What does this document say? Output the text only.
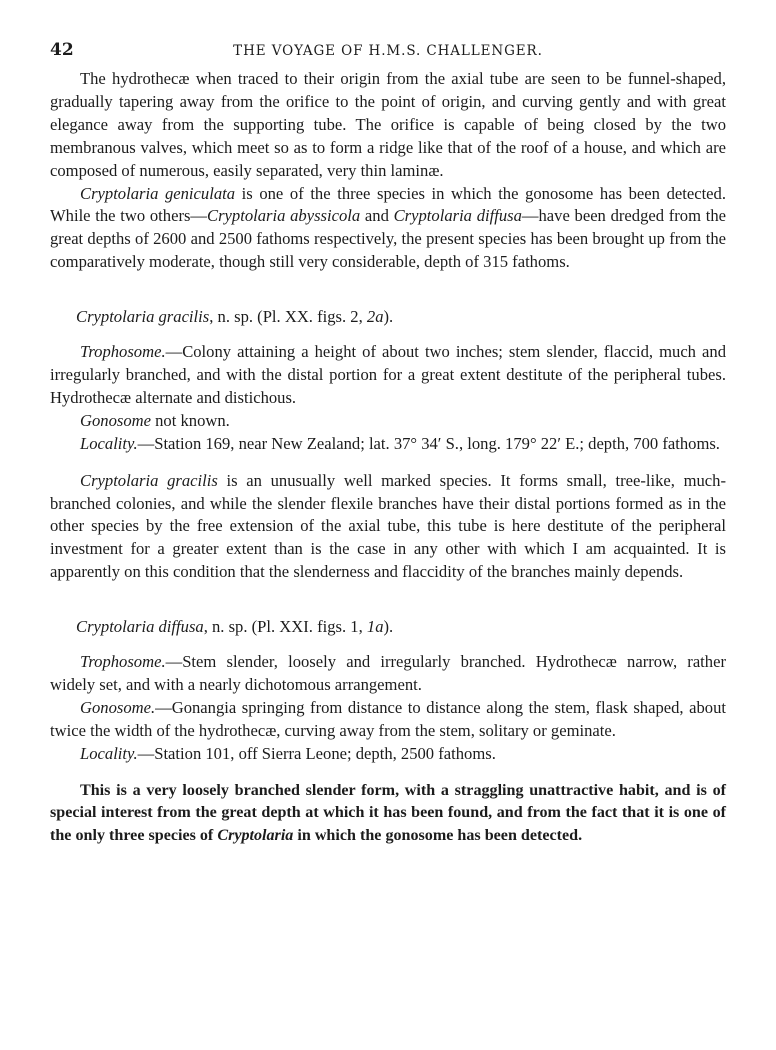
42	THE VOYAGE OF H.M.S. CHALLENGER.

The hydrothecæ when traced to their origin from the axial tube are seen to be funnel-shaped, gradually tapering away from the orifice to the point of origin, and curving gently and with great elegance away from the supporting tube. The orifice is capable of being closed by the two membranous valves, which meet so as to form a ridge like that of the roof of a house, and which are composed of numerous, easily separated, very thin laminæ.

Cryptolaria geniculata is one of the three species in which the gonosome has been detected. While the two others—Cryptolaria abyssicola and Cryptolaria diffusa—have been dredged from the great depths of 2600 and 2500 fathoms respectively, the present species has been brought up from the comparatively moderate, though still very considerable, depth of 315 fathoms.

Cryptolaria gracilis, n. sp. (Pl. XX. figs. 2, 2a).

Trophosome.—Colony attaining a height of about two inches; stem slender, flaccid, much and irregularly branched, and with the distal portion for a great extent destitute of the peripheral tubes. Hydrothecæ alternate and distichous.

Gonosome not known.

Locality.—Station 169, near New Zealand; lat. 37° 34′ S., long. 179° 22′ E.; depth, 700 fathoms.

Cryptolaria gracilis is an unusually well marked species. It forms small, tree-like, much-branched colonies, and while the slender flexile branches have their distal portions formed as in the other species by the free extension of the axial tube, this tube is here destitute of the peripheral investment for a greater extent than is the case in any other with which I am acquainted. It is apparently on this condition that the slenderness and flaccidity of the branches mainly depends.

Cryptolaria diffusa, n. sp. (Pl. XXI. figs. 1, 1a).

Trophosome.—Stem slender, loosely and irregularly branched. Hydrothecæ narrow, rather widely set, and with a nearly dichotomous arrangement.

Gonosome.—Gonangia springing from distance to distance along the stem, flask shaped, about twice the width of the hydrothecæ, curving away from the stem, solitary or geminate.

Locality.—Station 101, off Sierra Leone; depth, 2500 fathoms.

This is a very loosely branched slender form, with a straggling unattractive habit, and is of special interest from the great depth at which it has been found, and from the fact that it is one of the only three species of Cryptolaria in which the gonosome has been detected.
